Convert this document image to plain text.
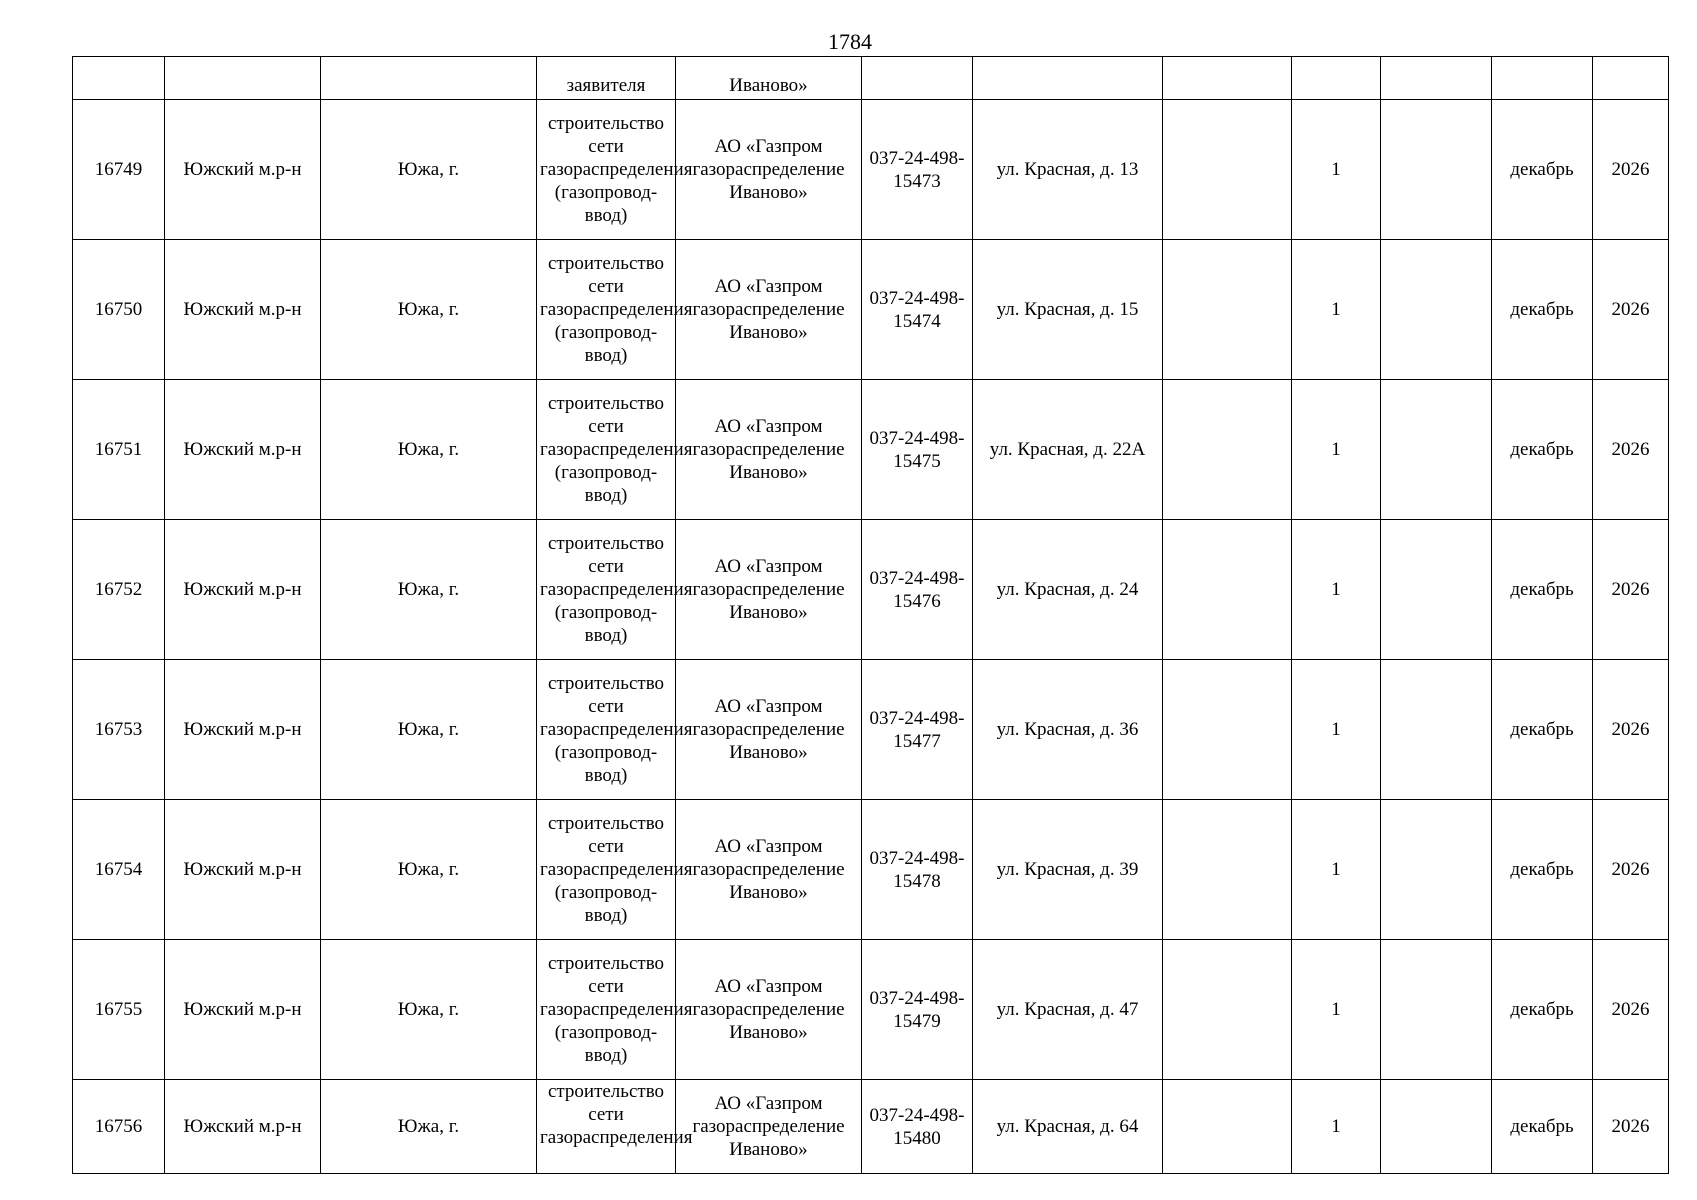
1784
			заявителя	Иваново»							
16749	Южский м.р-н	Южа, г.	строительство сети газораспределения (газопровод-ввод)	АО «Газпром газораспределение Иваново»	037-24-498-15473	ул. Красная, д. 13		1		декабрь	2026
16750	Южский м.р-н	Южа, г.	строительство сети газораспределения (газопровод-ввод)	АО «Газпром газораспределение Иваново»	037-24-498-15474	ул. Красная, д. 15		1		декабрь	2026
16751	Южский м.р-н	Южа, г.	строительство сети газораспределения (газопровод-ввод)	АО «Газпром газораспределение Иваново»	037-24-498-15475	ул. Красная, д. 22А		1		декабрь	2026
16752	Южский м.р-н	Южа, г.	строительство сети газораспределения (газопровод-ввод)	АО «Газпром газораспределение Иваново»	037-24-498-15476	ул. Красная, д. 24		1		декабрь	2026
16753	Южский м.р-н	Южа, г.	строительство сети газораспределения (газопровод-ввод)	АО «Газпром газораспределение Иваново»	037-24-498-15477	ул. Красная, д. 36		1		декабрь	2026
16754	Южский м.р-н	Южа, г.	строительство сети газораспределения (газопровод-ввод)	АО «Газпром газораспределение Иваново»	037-24-498-15478	ул. Красная, д. 39		1		декабрь	2026
16755	Южский м.р-н	Южа, г.	строительство сети газораспределения (газопровод-ввод)	АО «Газпром газораспределение Иваново»	037-24-498-15479	ул. Красная, д. 47		1		декабрь	2026
16756	Южский м.р-н	Южа, г.	строительство сети газораспределения	АО «Газпром газораспределение Иваново»	037-24-498-15480	ул. Красная, д. 64		1		декабрь	2026
